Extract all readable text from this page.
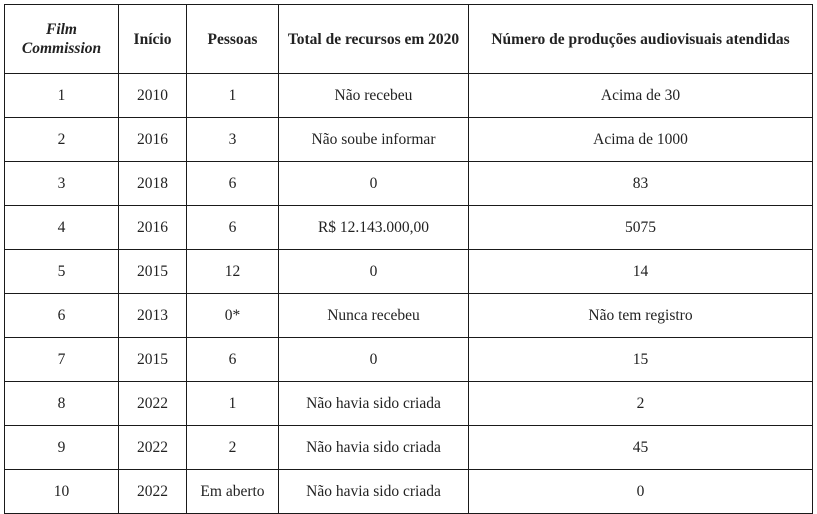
Film Commission	Início	Pessoas	Total de recursos em 2020	Número de produções audiovisuais atendidas
1	2010	1	Não recebeu	Acima de 30
2	2016	3	Não soube informar	Acima de 1000
3	2018	6	0	83
4	2016	6	R$ 12.143.000,00	5075
5	2015	12	0	14
6	2013	0*	Nunca recebeu	Não tem registro
7	2015	6	0	15
8	2022	1	Não havia sido criada	2
9	2022	2	Não havia sido criada	45
10	2022	Em aberto	Não havia sido criada	0
